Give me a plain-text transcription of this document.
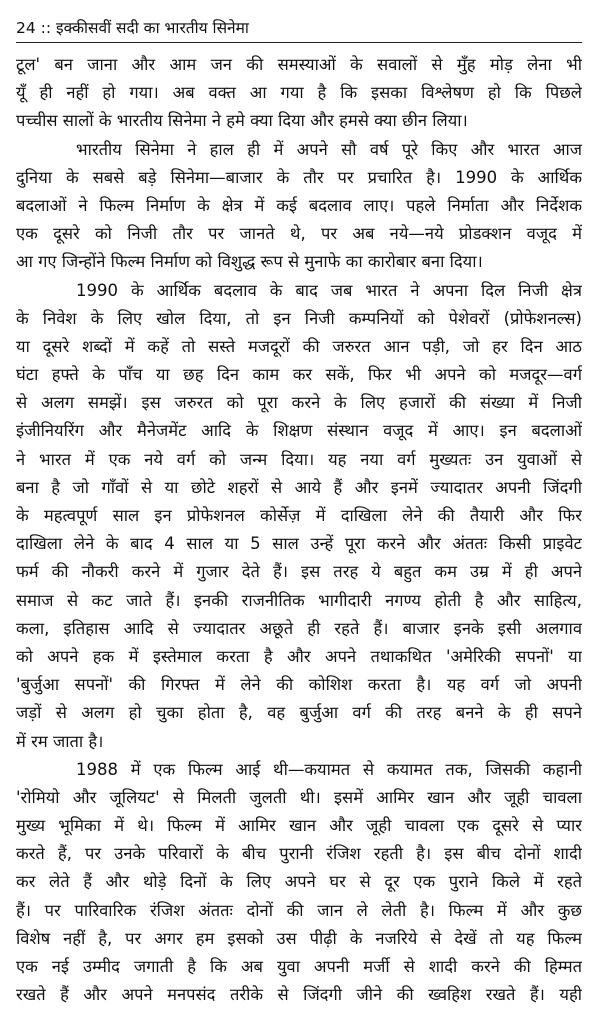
24 :: इक्कीसवीं सदी का भारतीय सिनेमा
टूल' बन जाना और आम जन की समस्याओं के सवालों से मुँह मोड़ लेना भी
यूँ ही नहीं हो गया। अब वक्त आ गया है कि इसका विश्लेषण हो कि पिछले
पच्चीस सालों के भारतीय सिनेमा ने हमे क्या दिया और हमसे क्या छीन लिया।
भारतीय सिनेमा ने हाल ही में अपने सौ वर्ष पूरे किए और भारत आज
दुनिया के सबसे बड़े सिनेमा—बाजार के तौर पर प्रचारित है। 1990 के आर्थिक
बदलाओं ने फिल्म निर्माण के क्षेत्र में कई बदलाव लाए। पहले निर्माता और निर्देशक
एक दूसरे को निजी तौर पर जानते थे, पर अब नये—नये प्रोडक्शन वजूद में
आ गए जिन्होंने फिल्म निर्माण को विशुद्ध रूप से मुनाफे का कारोबार बना दिया।
1990 के आर्थिक बदलाव के बाद जब भारत ने अपना दिल निजी क्षेत्र
के निवेश के लिए खोल दिया, तो इन निजी कम्पनियों को पेशेवरों (प्रोफेशनल्स)
या दूसरे शब्दों में कहें तो सस्ते मजदूरों की जरुरत आन पड़ी, जो हर दिन आठ
घंटा हफ्ते के पाँच या छह दिन काम कर सकें, फिर भी अपने को मजदूर—वर्ग
से अलग समझें। इस जरुरत को पूरा करने के लिए हजारों की संख्या में निजी
इंजीनियरिंग और मैनेजमेंट आदि के शिक्षण संस्थान वजूद में आए। इन बदलाओं
ने भारत में एक नये वर्ग को जन्म दिया। यह नया वर्ग मुख्यतः उन युवाओं से
बना है जो गाँवों से या छोटे शहरों से आये हैं और इनमें ज्यादातर अपनी जिंदगी
के महत्वपूर्ण साल इन प्रोफेशनल कोर्सेज़ में दाखिला लेने की तैयारी और फिर
दाखिला लेने के बाद 4 साल या 5 साल उन्हें पूरा करने और अंततः किसी प्राइवेट
फर्म की नौकरी करने में गुजार देते हैं। इस तरह ये बहुत कम उम्र में ही अपने
समाज से कट जाते हैं। इनकी राजनीतिक भागीदारी नगण्य होती है और साहित्य,
कला, इतिहास आदि से ज्यादातर अछूते ही रहते हैं। बाजार इनके इसी अलगाव
को अपने हक में इस्तेमाल करता है और अपने तथाकथित 'अमेरिकी सपनों' या
'बुर्जुआ सपनों' की गिरफ्त में लेने की कोशिश करता है। यह वर्ग जो अपनी
जड़ों से अलग हो चुका होता है, वह बुर्जुआ वर्ग की तरह बनने के ही सपने
में रम जाता है।
1988 में एक फिल्म आई थी—कयामत से कयामत तक, जिसकी कहानी
'रोमियो और जूलियट' से मिलती जुलती थी। इसमें आमिर खान और जूही चावला
मुख्य भूमिका में थे। फिल्म में आमिर खान और जूही चावला एक दूसरे से प्यार
करते हैं, पर उनके परिवारों के बीच पुरानी रंजिश रहती है। इस बीच दोनों शादी
कर लेते हैं और थोड़े दिनों के लिए अपने घर से दूर एक पुराने किले में रहते
हैं। पर पारिवारिक रंजिश अंततः दोनों की जान ले लेती है। फिल्म में और कुछ
विशेष नहीं है, पर अगर हम इसको उस पीढ़ी के नजरिये से देखें तो यह फिल्म
एक नई उम्मीद जगाती है कि अब युवा अपनी मर्जी से शादी करने की हिम्मत
रखते हैं और अपने मनपसंद तरीके से जिंदगी जीने की ख्वहिश रखते हैं। यही
